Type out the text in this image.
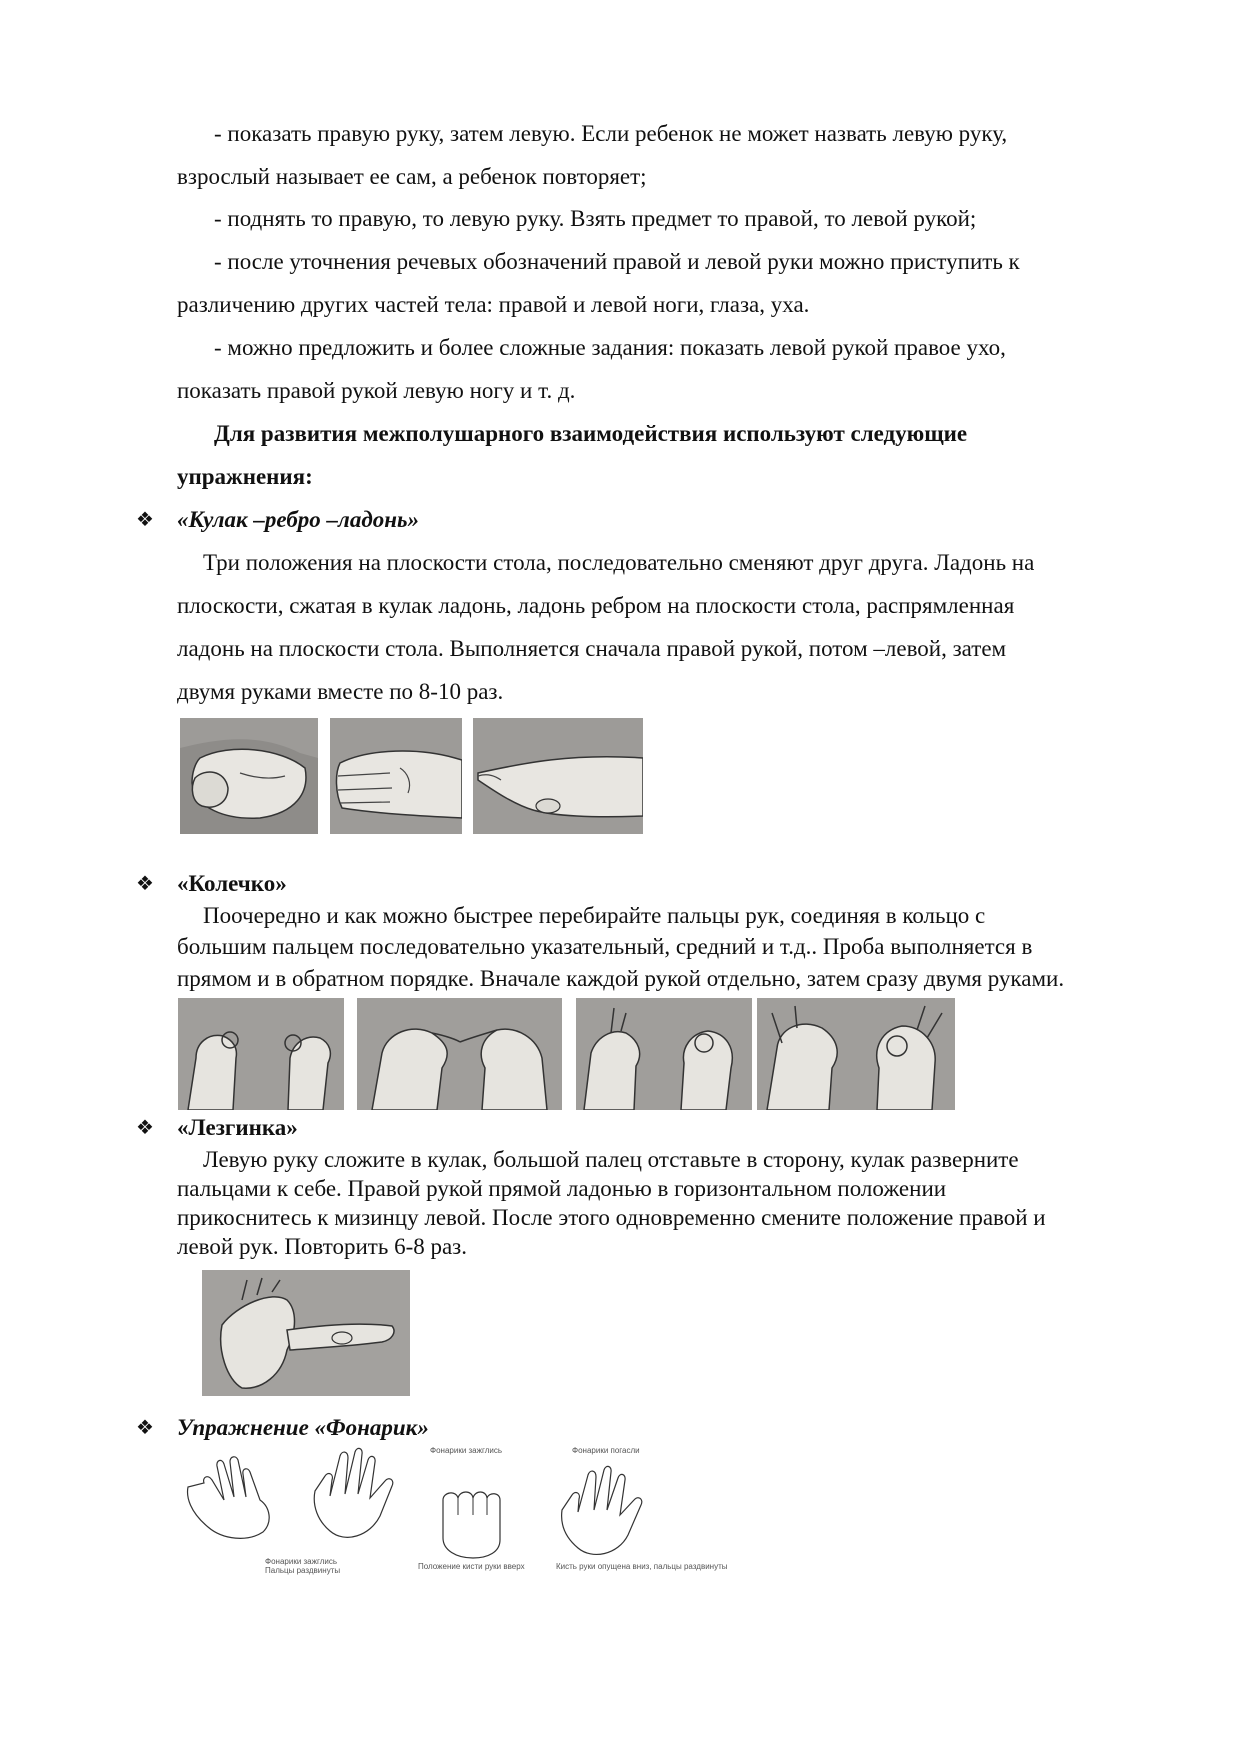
- показать правую руку, затем левую. Если ребенок не может назвать левую руку,
взрослый называет ее сам, а ребенок повторяет;
- поднять то правую, то левую руку. Взять предмет то правой, то левой рукой;
- после уточнения речевых обозначений правой и левой руки можно приступить к
различению других частей тела: правой и левой ноги, глаза, уха.
- можно предложить и более сложные задания: показать левой рукой правое ухо,
показать правой рукой левую ногу и т. д.
Для развития межполушарного взаимодействия используют следующие
упражнения:
❖ «Кулак –ребро –ладонь»
Три положения на плоскости стола, последовательно сменяют друг друга. Ладонь на
плоскости, сжатая в кулак ладонь, ладонь ребром на плоскости стола, распрямленная
ладонь на плоскости стола. Выполняется сначала правой рукой, потом –левой, затем
двумя руками вместе по 8-10 раз.
❖ «Колечко»
Поочередно и как можно быстрее перебирайте пальцы рук, соединяя в кольцо с
большим пальцем последовательно указательный, средний и т.д.. Проба выполняется в
прямом и в обратном порядке. Вначале каждой рукой отдельно, затем сразу двумя руками.
❖ «Лезгинка»
Левую руку сложите в кулак, большой палец отставьте в сторону, кулак разверните
пальцами к себе. Правой рукой прямой ладонью в горизонтальном положении
прикоснитесь к мизинцу левой. После этого одновременно смените положение правой и
левой рук. Повторить 6-8 раз.
❖ Упражнение «Фонарик»
Фонарики зажглись	Фонарики погасли
Фонарики зажглись
Пальцы раздвинуты	Положение кисти руки вверх	Кисть руки опущена вниз, пальцы раздвинуты
